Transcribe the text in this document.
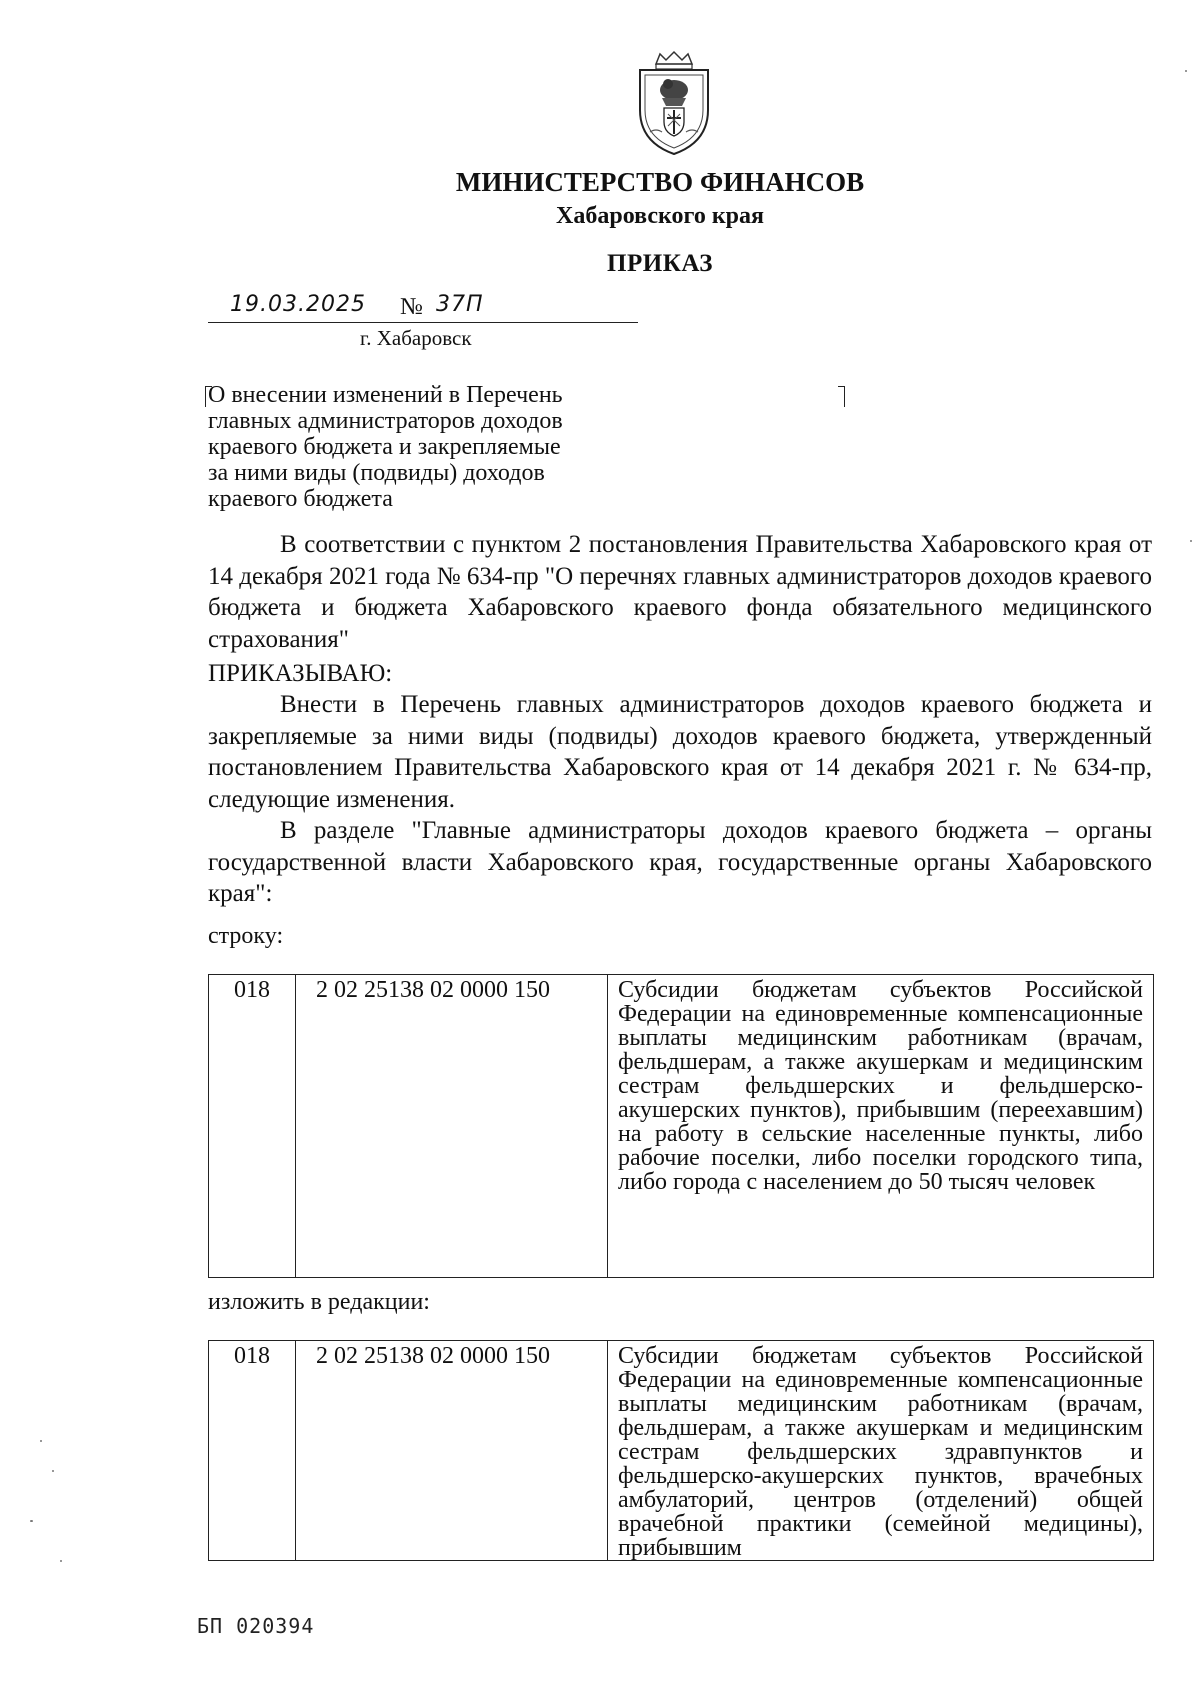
МИНИСТЕРСТВО ФИНАНСОВ
Хабаровского края
ПРИКАЗ
19.03.2025 № 37П
г. Хабаровск
О внесении изменений в Перечень
главных администраторов доходов
краевого бюджета и закрепляемые
за ними виды (подвиды) доходов
краевого бюджета

В соответствии с пунктом 2 постановления Правительства Хабаровского края от 14 декабря 2021 года № 634-пр "О перечнях главных администраторов доходов краевого бюджета и бюджета Хабаровского краевого фонда обязательного медицинского страхования"

ПРИКАЗЫВАЮ:

Внести в Перечень главных администраторов доходов краевого бюджета и закрепляемые за ними виды (подвиды) доходов краевого бюджета, утвержденный постановлением Правительства Хабаровского края от 14 декабря 2021 г. № 634-пр, следующие изменения.

В разделе "Главные администраторы доходов краевого бюджета – органы государственной власти Хабаровского края, государственные органы Хабаровского края":

строку:
018	2 02 25138 02 0000 150	Субсидии бюджетам субъектов Российской Федерации на единовременные компенсационные выплаты медицинским работникам (врачам, фельдшерам, а также акушеркам и медицинским сестрам фельдшерских и фельдшерско-акушерских пунктов), прибывшим (переехавшим) на работу в сельские населенные пункты, либо рабочие поселки, либо поселки городского типа, либо города с населением до 50 тысяч человек
изложить в редакции:
018	2 02 25138 02 0000 150	Субсидии бюджетам субъектов Российской Федерации на единовременные компенсационные выплаты медицинским работникам (врачам, фельдшерам, а также акушеркам и медицинским сестрам фельдшерских здравпунктов и фельдшерско-акушерских пунктов, врачебных амбулаторий, центров (отделений) общей врачебной практики (семейной медицины), прибывшим
БП 020394
